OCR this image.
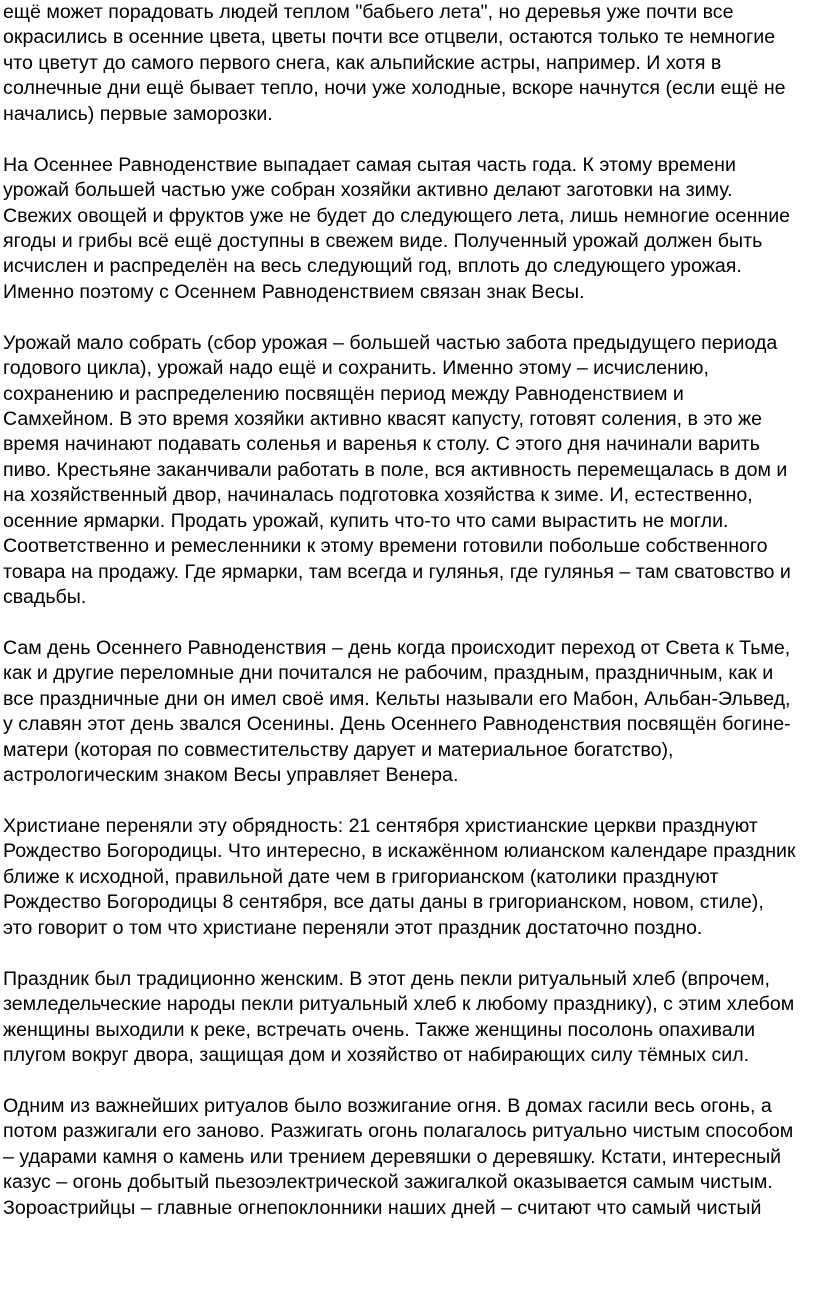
ещё может порадовать людей теплом "бабьего лета", но деревья уже почти все
окрасились в осенние цвета, цветы почти все отцвели, остаются только те немногие
что цветут до самого первого снега, как альпийские астры, например. И хотя в
солнечные дни ещё бывает тепло, ночи уже холодные, вскоре начнутся (если ещё не
начались) первые заморозки.

На Осеннее Равноденствие выпадает самая сытая часть года. К этому времени
урожай большей частью уже собран хозяйки активно делают заготовки на зиму.
Свежих овощей и фруктов уже не будет до следующего лета, лишь немногие осенние
ягоды и грибы всё ещё доступны в свежем виде. Полученный урожай должен быть
исчислен и распределён на весь следующий год, вплоть до следующего урожая.
Именно поэтому с Осеннем Равноденствием связан знак Весы.

Урожай мало собрать (сбор урожая – большей частью забота предыдущего периода
годового цикла), урожай надо ещё и сохранить. Именно этому – исчислению,
сохранению и распределению посвящён период между Равноденствием и
Самхейном. В это время хозяйки активно квасят капусту, готовят соления, в это же
время начинают подавать соленья и варенья к столу. С этого дня начинали варить
пиво. Крестьяне заканчивали работать в поле, вся активность перемещалась в дом и
на хозяйственный двор, начиналась подготовка хозяйства к зиме. И, естественно,
осенние ярмарки. Продать урожай, купить что-то что сами вырастить не могли.
Соответственно и ремесленники к этому времени готовили побольше собственного
товара на продажу. Где ярмарки, там всегда и гулянья, где гулянья – там сватовство и
свадьбы.

Сам день Осеннего Равноденствия – день когда происходит переход от Света к Тьме,
как и другие переломные дни почитался не рабочим, праздным, праздничным, как и
все праздничные дни он имел своё имя. Кельты называли его Мабон, Альбан-Эльвед,
у славян этот день звался Осенины. День Осеннего Равноденствия посвящён богине-
матери (которая по совместительству дарует и материальное богатство),
астрологическим знаком Весы управляет Венера.

Христиане переняли эту обрядность: 21 сентября христианские церкви празднуют
Рождество Богородицы. Что интересно, в искажённом юлианском календаре праздник
ближе к исходной, правильной дате чем в григорианском (католики празднуют
Рождество Богородицы 8 сентября, все даты даны в григорианском, новом, стиле),
это говорит о том что христиане переняли этот праздник достаточно поздно.

Праздник был традиционно женским. В этот день пекли ритуальный хлеб (впрочем,
земледельческие народы пекли ритуальный хлеб к любому празднику), с этим хлебом
женщины выходили к реке, встречать очень. Также женщины посолонь опахивали
плугом вокруг двора, защищая дом и хозяйство от набирающих силу тёмных сил.

Одним из важнейших ритуалов было возжигание огня. В домах гасили весь огонь, а
потом разжигали его заново. Разжигать огонь полагалось ритуально чистым способом
– ударами камня о камень или трением деревяшки о деревяшку. Кстати, интересный
казус – огонь добытый пьезоэлектрической зажигалкой оказывается самым чистым.
Зороастрийцы – главные огнепоклонники наших дней – считают что самый чистый
